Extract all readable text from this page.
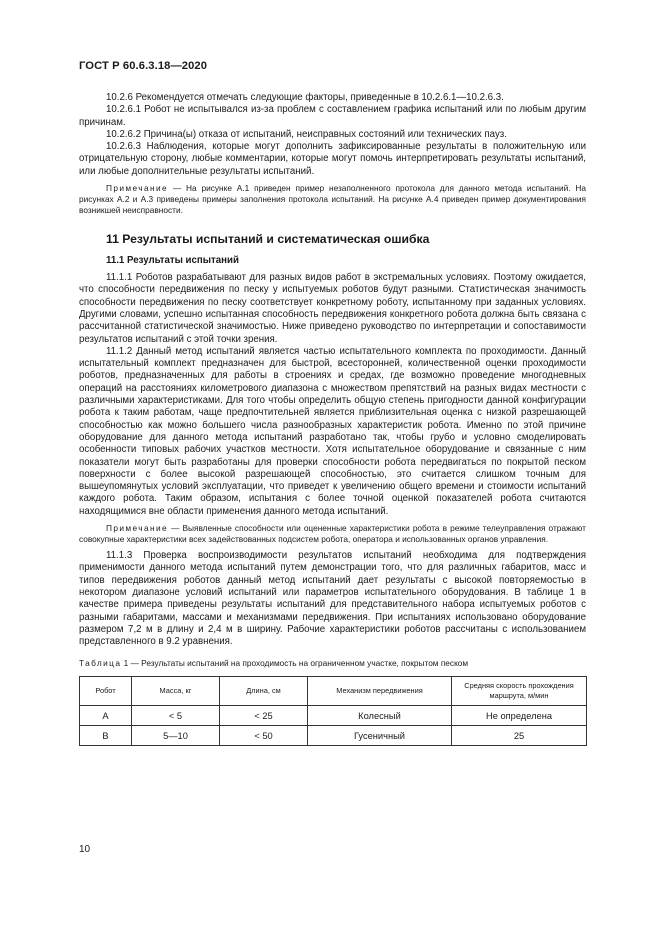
ГОСТ Р 60.6.3.18—2020

10.2.6 Рекомендуется отмечать следующие факторы, приведенные в 10.2.6.1—10.2.6.3.

10.2.6.1 Робот не испытывался из-за проблем с составлением графика испытаний или по любым другим причинам.

10.2.6.2 Причина(ы) отказа от испытаний, неисправных состояний или технических пауз.

10.2.6.3 Наблюдения, которые могут дополнить зафиксированные результаты в положительную или отрицательную сторону, любые комментарии, которые могут помочь интерпретировать результаты испытаний, или любые дополнительные результаты испытаний.

Примечание — На рисунке А.1 приведен пример незаполненного протокола для данного метода испытаний. На рисунках А.2 и А.3 приведены примеры заполнения протокола испытаний. На рисунке А.4 приведен пример документирования возникшей неисправности.

11 Результаты испытаний и систематическая ошибка
11.1 Результаты испытаний

11.1.1 Роботов разрабатывают для разных видов работ в экстремальных условиях. Поэтому ожидается, что способности передвижения по песку у испытуемых роботов будут разными. Статистическая значимость способности передвижения по песку соответствует конкретному роботу, испытанному при заданных условиях. Другими словами, успешно испытанная способность передвижения конкретного робота должна быть связана с рассчитанной статистической значимостью. Ниже приведено руководство по интерпретации и сопоставимости результатов испытаний с этой точки зрения.

11.1.2 Данный метод испытаний является частью испытательного комплекта по проходимости. Данный испытательный комплект предназначен для быстрой, всесторонней, количественной оценки проходимости роботов, предназначенных для работы в строениях и средах, где возможно проведение многодневных операций на расстояниях километрового диапазона с множеством препятствий на разных видах местности с различными характеристиками. Для того чтобы определить общую степень пригодности данной конфигурации робота к таким работам, чаще предпочтительней является приблизительная оценка с низкой разрешающей способностью как можно большего числа разнообразных характеристик робота. Именно по этой причине оборудование для данного метода испытаний разработано так, чтобы грубо и условно смоделировать особенности типовых рабочих участков местности. Хотя испытательное оборудование и связанные с ним показатели могут быть разработаны для проверки способности робота передвигаться по покрытой песком поверхности с более высокой разрешающей способностью, это считается слишком точным для вышеупомянутых условий эксплуатации, что приведет к увеличению общего времени и стоимости испытаний каждого робота. Таким образом, испытания с более точной оценкой показателей робота считаются находящимися вне области применения данного метода испытаний.

Примечание — Выявленные способности или оцененные характеристики робота в режиме телеуправления отражают совокупные характеристики всех задействованных подсистем робота, оператора и использованных органов управления.

11.1.3 Проверка воспроизводимости результатов испытаний необходима для подтверждения применимости данного метода испытаний путем демонстрации того, что для различных габаритов, масс и типов передвижения роботов данный метод испытаний дает результаты с высокой повторяемостью в некотором диапазоне условий испытаний или параметров испытательного оборудования. В таблице 1 в качестве примера приведены результаты испытаний для представительного набора испытуемых роботов с разными габаритами, массами и механизмами передвижения. При испытаниях использовано оборудование размером 7,2 м в длину и 2,4 м в ширину. Рабочие характеристики роботов рассчитаны с использованием представленного в 9.2 уравнения.

Таблица 1 — Результаты испытаний на проходимость на ограниченном участке, покрытом песком
Робот	Масса, кг	Длина, см	Механизм передвижения	Средняя скорость прохождения маршрута, м/мин
A	< 5	< 25	Колесный	Не определена
B	5—10	< 50	Гусеничный	25
10
